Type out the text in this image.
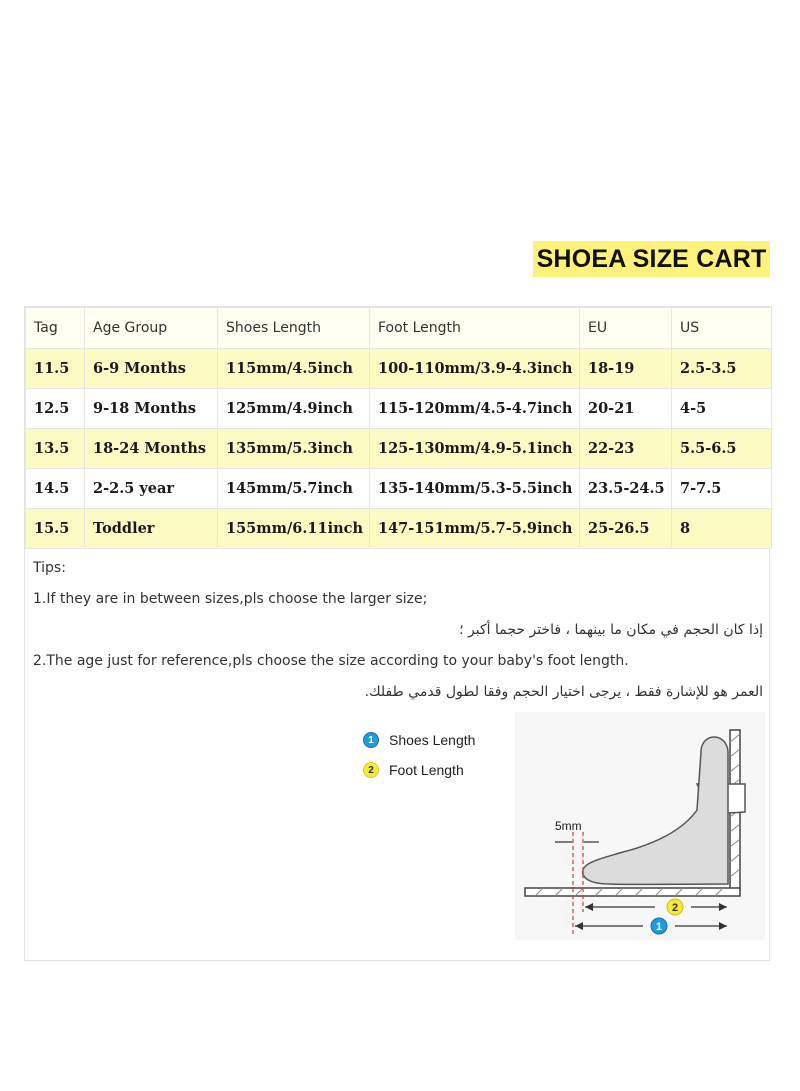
SHOEA SIZE CART
Tag	Age Group	Shoes Length	Foot Length	EU	US
11.5	6-9 Months	115mm/4.5inch	100-110mm/3.9-4.3inch	18-19	2.5-3.5
12.5	9-18 Months	125mm/4.9inch	115-120mm/4.5-4.7inch	20-21	4-5
13.5	18-24 Months	135mm/5.3inch	125-130mm/4.9-5.1inch	22-23	5.5-6.5
14.5	2-2.5 year	145mm/5.7inch	135-140mm/5.3-5.5inch	23.5-24.5	7-7.5
15.5	Toddler	155mm/6.11inch	147-151mm/5.7-5.9inch	25-26.5	8
Tips:
1.If they are in between sizes,pls choose the larger size;
إذا كان الحجم في مكان ما بينهما ، فاختر حجما أكبر ؛
2.The age just for reference,pls choose the size according to your baby's foot length.
العمر هو للإشارة فقط ، يرجى اختيار الحجم وفقا لطول قدمي طفلك.
1	Shoes Length
2	Foot Length
5mm
2
1
